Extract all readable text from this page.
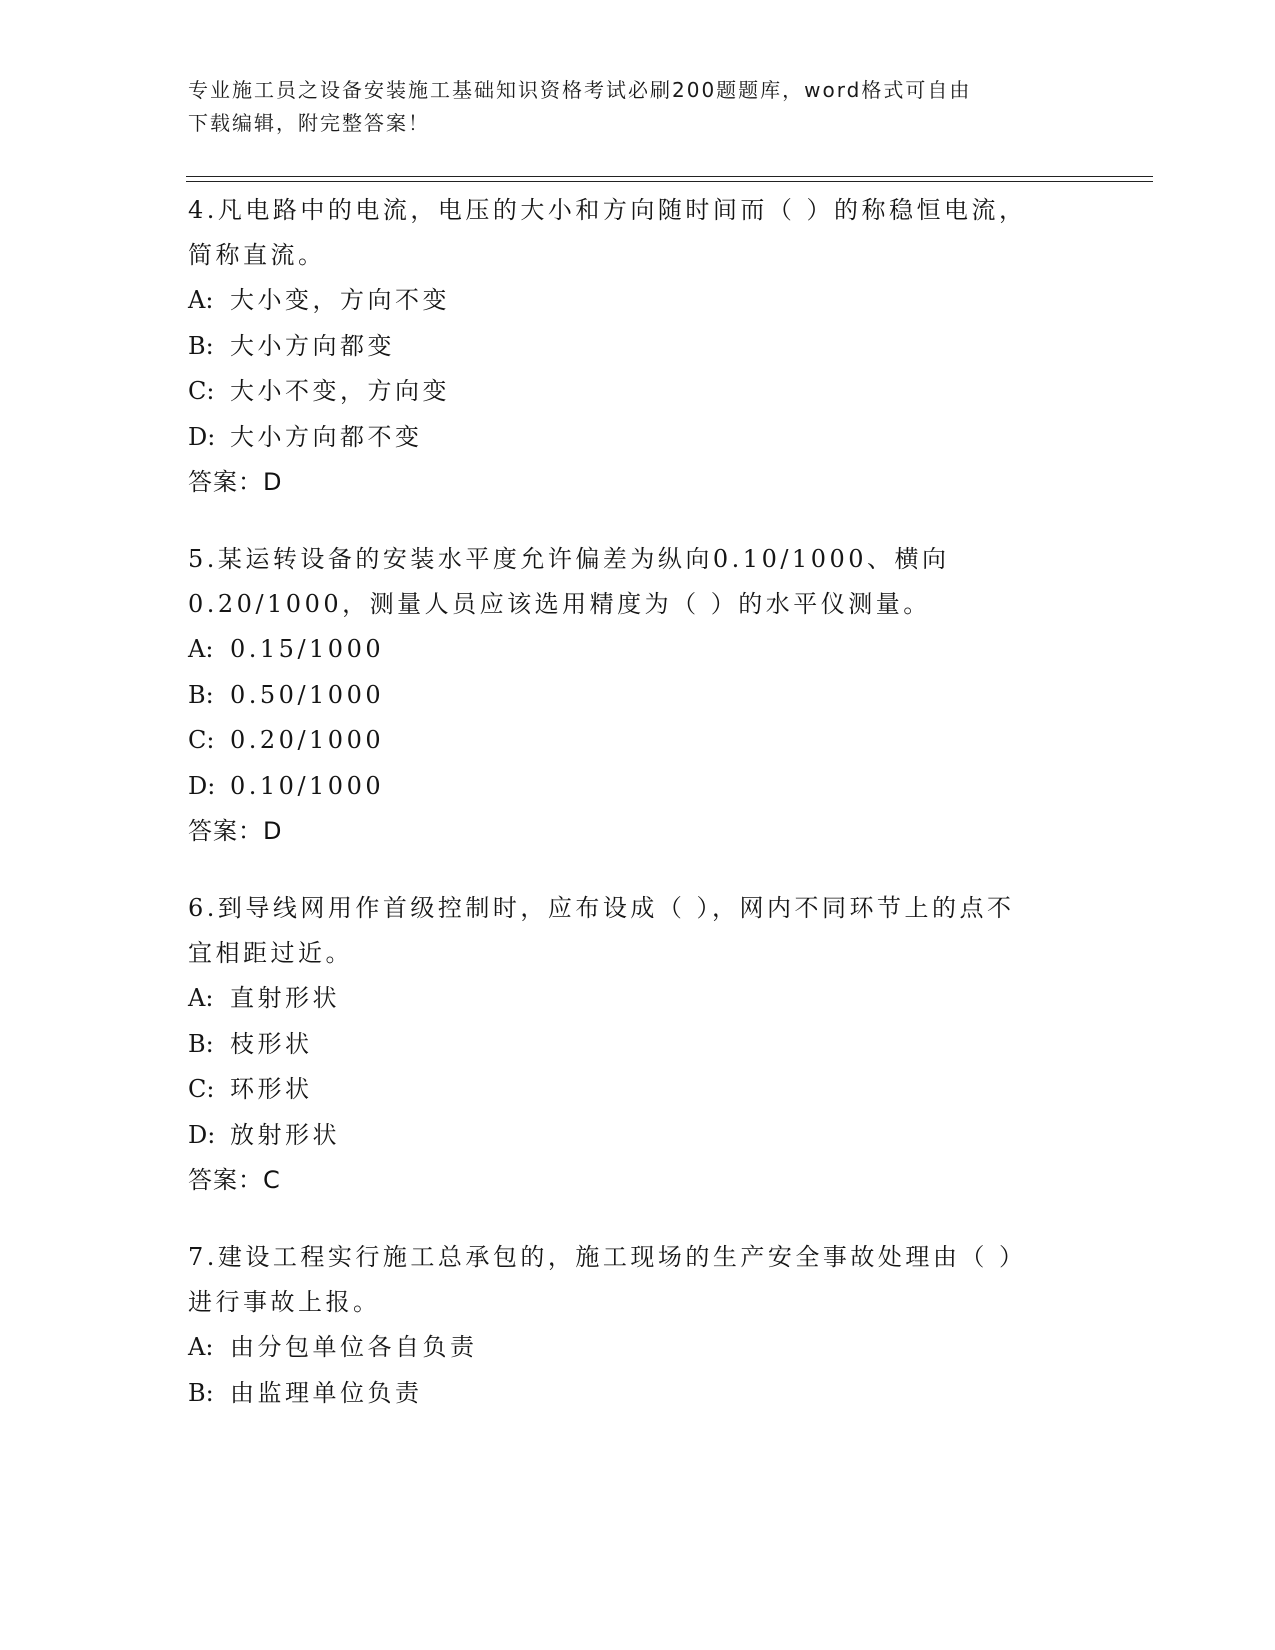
专业施工员之设备安装施工基础知识资格考试必刷200题题库，word格式可自由
下载编辑，附完整答案！
4.凡电路中的电流，电压的大小和方向随时间而（ ）的称稳恒电流，
简称直流。
A: 大小变，方向不变
B: 大小方向都变
C: 大小不变，方向变
D: 大小方向都不变
答案：D
5.某运转设备的安装水平度允许偏差为纵向0.10/1000、横向
0.20/1000，测量人员应该选用精度为（ ）的水平仪测量。
A: 0.15/1000
B: 0.50/1000
C: 0.20/1000
D: 0.10/1000
答案：D
6.到导线网用作首级控制时，应布设成（ ），网内不同环节上的点不
宜相距过近。
A: 直射形状
B: 枝形状
C: 环形状
D: 放射形状
答案：C
7.建设工程实行施工总承包的，施工现场的生产安全事故处理由（ ）
进行事故上报。
A: 由分包单位各自负责
B: 由监理单位负责
